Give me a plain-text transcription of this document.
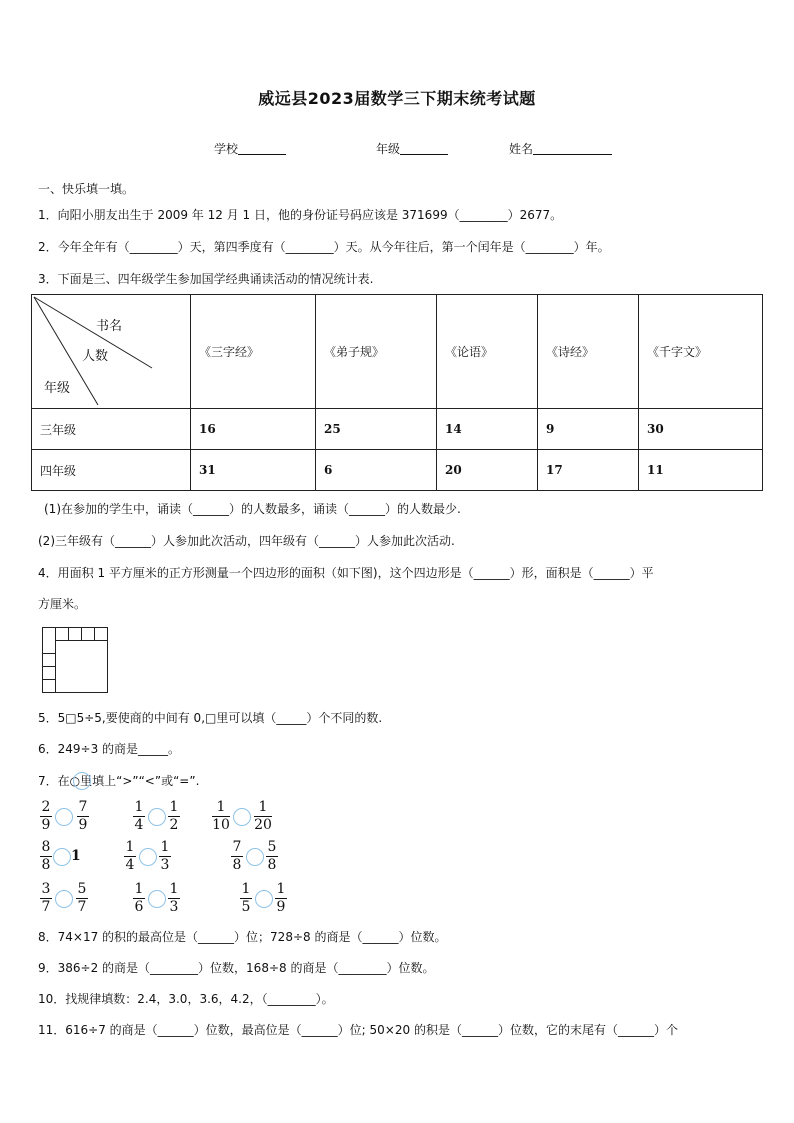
威远县2023届数学三下期末统考试题
学校	年级	姓名
一、快乐填一填。
1．向阳小朋友出生于 2009 年 12 月 1 日，他的身份证号码应该是 371699（________）2677。
2．今年全年有（________）天，第四季度有（________）天。从今年往后，第一个闰年是（________）年。
3．下面是三、四年级学生参加国学经典诵读活动的情况统计表.
书名
人数
年级	《三字经》	《弟子规》	《论语》	《诗经》	《千字文》
三年级	16	25	14	9	30
四年级	31	6	20	17	11
(1)在参加的学生中，诵读（______）的人数最多，诵读（______）的人数最少.
(2)三年级有（______）人参加此次活动，四年级有（______）人参加此次活动.
4．用面积 1 平方厘米的正方形测量一个四边形的面积（如下图)，这个四边形是（______）形，面积是（______）平
方厘米。
5．5□5÷5,要使商的中间有 0,□里可以填（_____）个不同的数.
6．249÷3 的商是_____。
7．在○里填上“>”“<”或“=”.
2
9
7
9
1
4
1
2
1
10
1
20
8
8
1
1
4
1
3
7
8
5
8
3
7
5
7
1
6
1
3
1
5
1
9
8．74×17 的积的最高位是（______）位；728÷8 的商是（______）位数。
9．386÷2 的商是（________）位数，168÷8 的商是（________）位数。
10．找规律填数：2.4，3.0，3.6，4.2，（________）。
11．616÷7 的商是（______）位数，最高位是（______）位; 50×20 的积是（______）位数，它的末尾有（______）个
